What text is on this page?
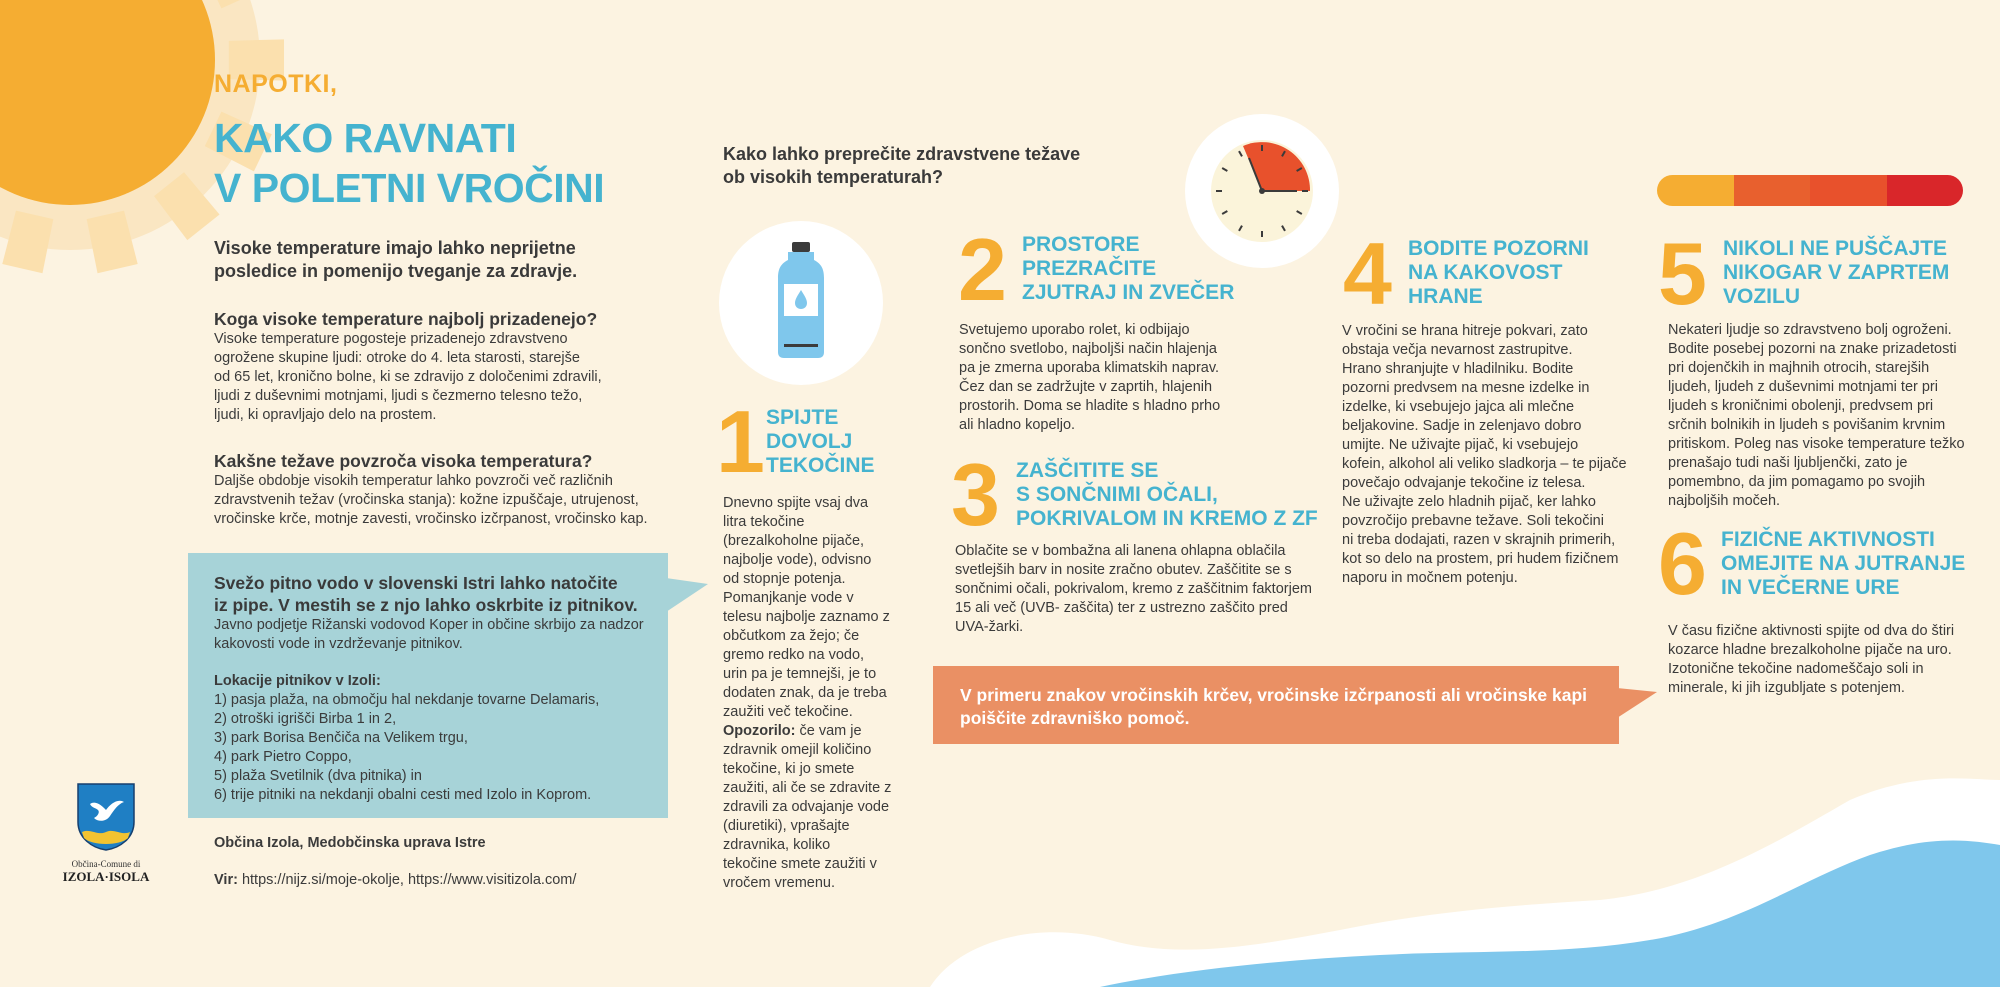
NAPOTKI,
KAKO RAVNATI
V POLETNI VROČINI
Visoke temperature imajo lahko neprijetne
posledice in pomenijo tveganje za zdravje.
Koga visoke temperature najbolj prizadenejo?

Visoke temperature pogosteje prizadenejo zdravstveno
ogrožene skupine ljudi: otroke do 4. leta starosti, starejše
od 65 let, kronično bolne, ki se zdravijo z določenimi zdravili,
ljudi z duševnimi motnjami, ljudi s čezmerno telesno težo,
ljudi, ki opravljajo delo na prostem.

Kakšne težave povzroča visoka temperatura?

Daljše obdobje visokih temperatur lahko povzroči več različnih
zdravstvenih težav (vročinska stanja): kožne izpuščaje, utrujenost,
vročinske krče, motnje zavesti, vročinsko izčrpanost, vročinsko kap.

Svežo pitno vodo v slovenski Istri lahko natočite
iz pipe. V mestih se z njo lahko oskrbite iz pitnikov.

Javno podjetje Rižanski vodovod Koper in občine skrbijo za nadzor
kakovosti vode in vzdrževanje pitnikov.

Lokacije pitnikov v Izoli:
1) pasja plaža, na območju hal nekdanje tovarne Delamaris,
2) otroški igrišči Birba 1 in 2,
3) park Borisa Benčiča na Velikem trgu,
4) park Pietro Coppo,
5) plaža Svetilnik (dva pitnika) in
6) trije pitniki na nekdanji obalni cesti med Izolo in Koprom.

Občina Izola, Medobčinska uprava Istre

Vir: https://nijz.si/moje-okolje, https://www.visitizola.com/

Občina-Comune di
IZOLA·ISOLA
Kako lahko preprečite zdravstvene težave
ob visokih temperaturah?
1 SPIJTE
DOVOLJ
TEKOČINE

Dnevno spijte vsaj dva
litra tekočine
(brezalkoholne pijače,
najbolje vode), odvisno
od stopnje potenja.
Pomanjkanje vode v
telesu najbolje zaznamo z
občutkom za žejo; če
gremo redko na vodo,
urin pa je temnejši, je to
dodaten znak, da je treba
zaužiti več tekočine.
Opozorilo: če vam je
zdravnik omejil količino
tekočine, ki jo smete
zaužiti, ali če se zdravite z
zdravili za odvajanje vode
(diuretiki), vprašajte
zdravnika, koliko
tekočine smete zaužiti v
vročem vremenu.

2 PROSTORE
PREZRAČITE
ZJUTRAJ IN ZVEČER

Svetujemo uporabo rolet, ki odbijajo
sončno svetlobo, najboljši način hlajenja
pa je zmerna uporaba klimatskih naprav.
Čez dan se zadržujte v zaprtih, hlajenih
prostorih. Doma se hladite s hladno prho
ali hladno kopeljo.

3 ZAŠČITITE SE
S SONČNIMI OČALI,
POKRIVALOM IN KREMO Z ZF

Oblačite se v bombažna ali lanena ohlapna oblačila
svetlejših barv in nosite zračno obutev. Zaščitite se s
sončnimi očali, pokrivalom, kremo z zaščitnim faktorjem
15 ali več (UVB- zaščita) ter z ustrezno zaščito pred
UVA-žarki.

V primeru znakov vročinskih krčev, vročinske izčrpanosti ali vročinske kapi
poiščite zdravniško pomoč.
4 BODITE POZORNI
NA KAKOVOST
HRANE

V vročini se hrana hitreje pokvari, zato
obstaja večja nevarnost zastrupitve.
Hrano shranjujte v hladilniku. Bodite
pozorni predvsem na mesne izdelke in
izdelke, ki vsebujejo jajca ali mlečne
beljakovine. Sadje in zelenjavo dobro
umijte. Ne uživajte pijač, ki vsebujejo
kofein, alkohol ali veliko sladkorja – te pijače
povečajo odvajanje tekočine iz telesa.
Ne uživajte zelo hladnih pijač, ker lahko
povzročijo prebavne težave. Soli tekočini
ni treba dodajati, razen v skrajnih primerih,
kot so delo na prostem, pri hudem fizičnem
naporu in močnem potenju.

5 NIKOLI NE PUŠČAJTE
NIKOGAR V ZAPRTEM
VOZILU

Nekateri ljudje so zdravstveno bolj ogroženi.
Bodite posebej pozorni na znake prizadetosti
pri dojenčkih in majhnih otrocih, starejših
ljudeh, ljudeh z duševnimi motnjami ter pri
ljudeh s kroničnimi obolenji, predvsem pri
srčnih bolnikih in ljudeh s povišanim krvnim
pritiskom. Poleg nas visoke temperature težko
prenašajo tudi naši ljubljenčki, zato je
pomembno, da jim pomagamo po svojih
najboljših močeh.

6 FIZIČNE AKTIVNOSTI
OMEJITE NA JUTRANJE
IN VEČERNE URE

V času fizične aktivnosti spijte od dva do štiri
kozarce hladne brezalkoholne pijače na uro.
Izotonične tekočine nadomeščajo soli in
minerale, ki jih izgubljate s potenjem.
